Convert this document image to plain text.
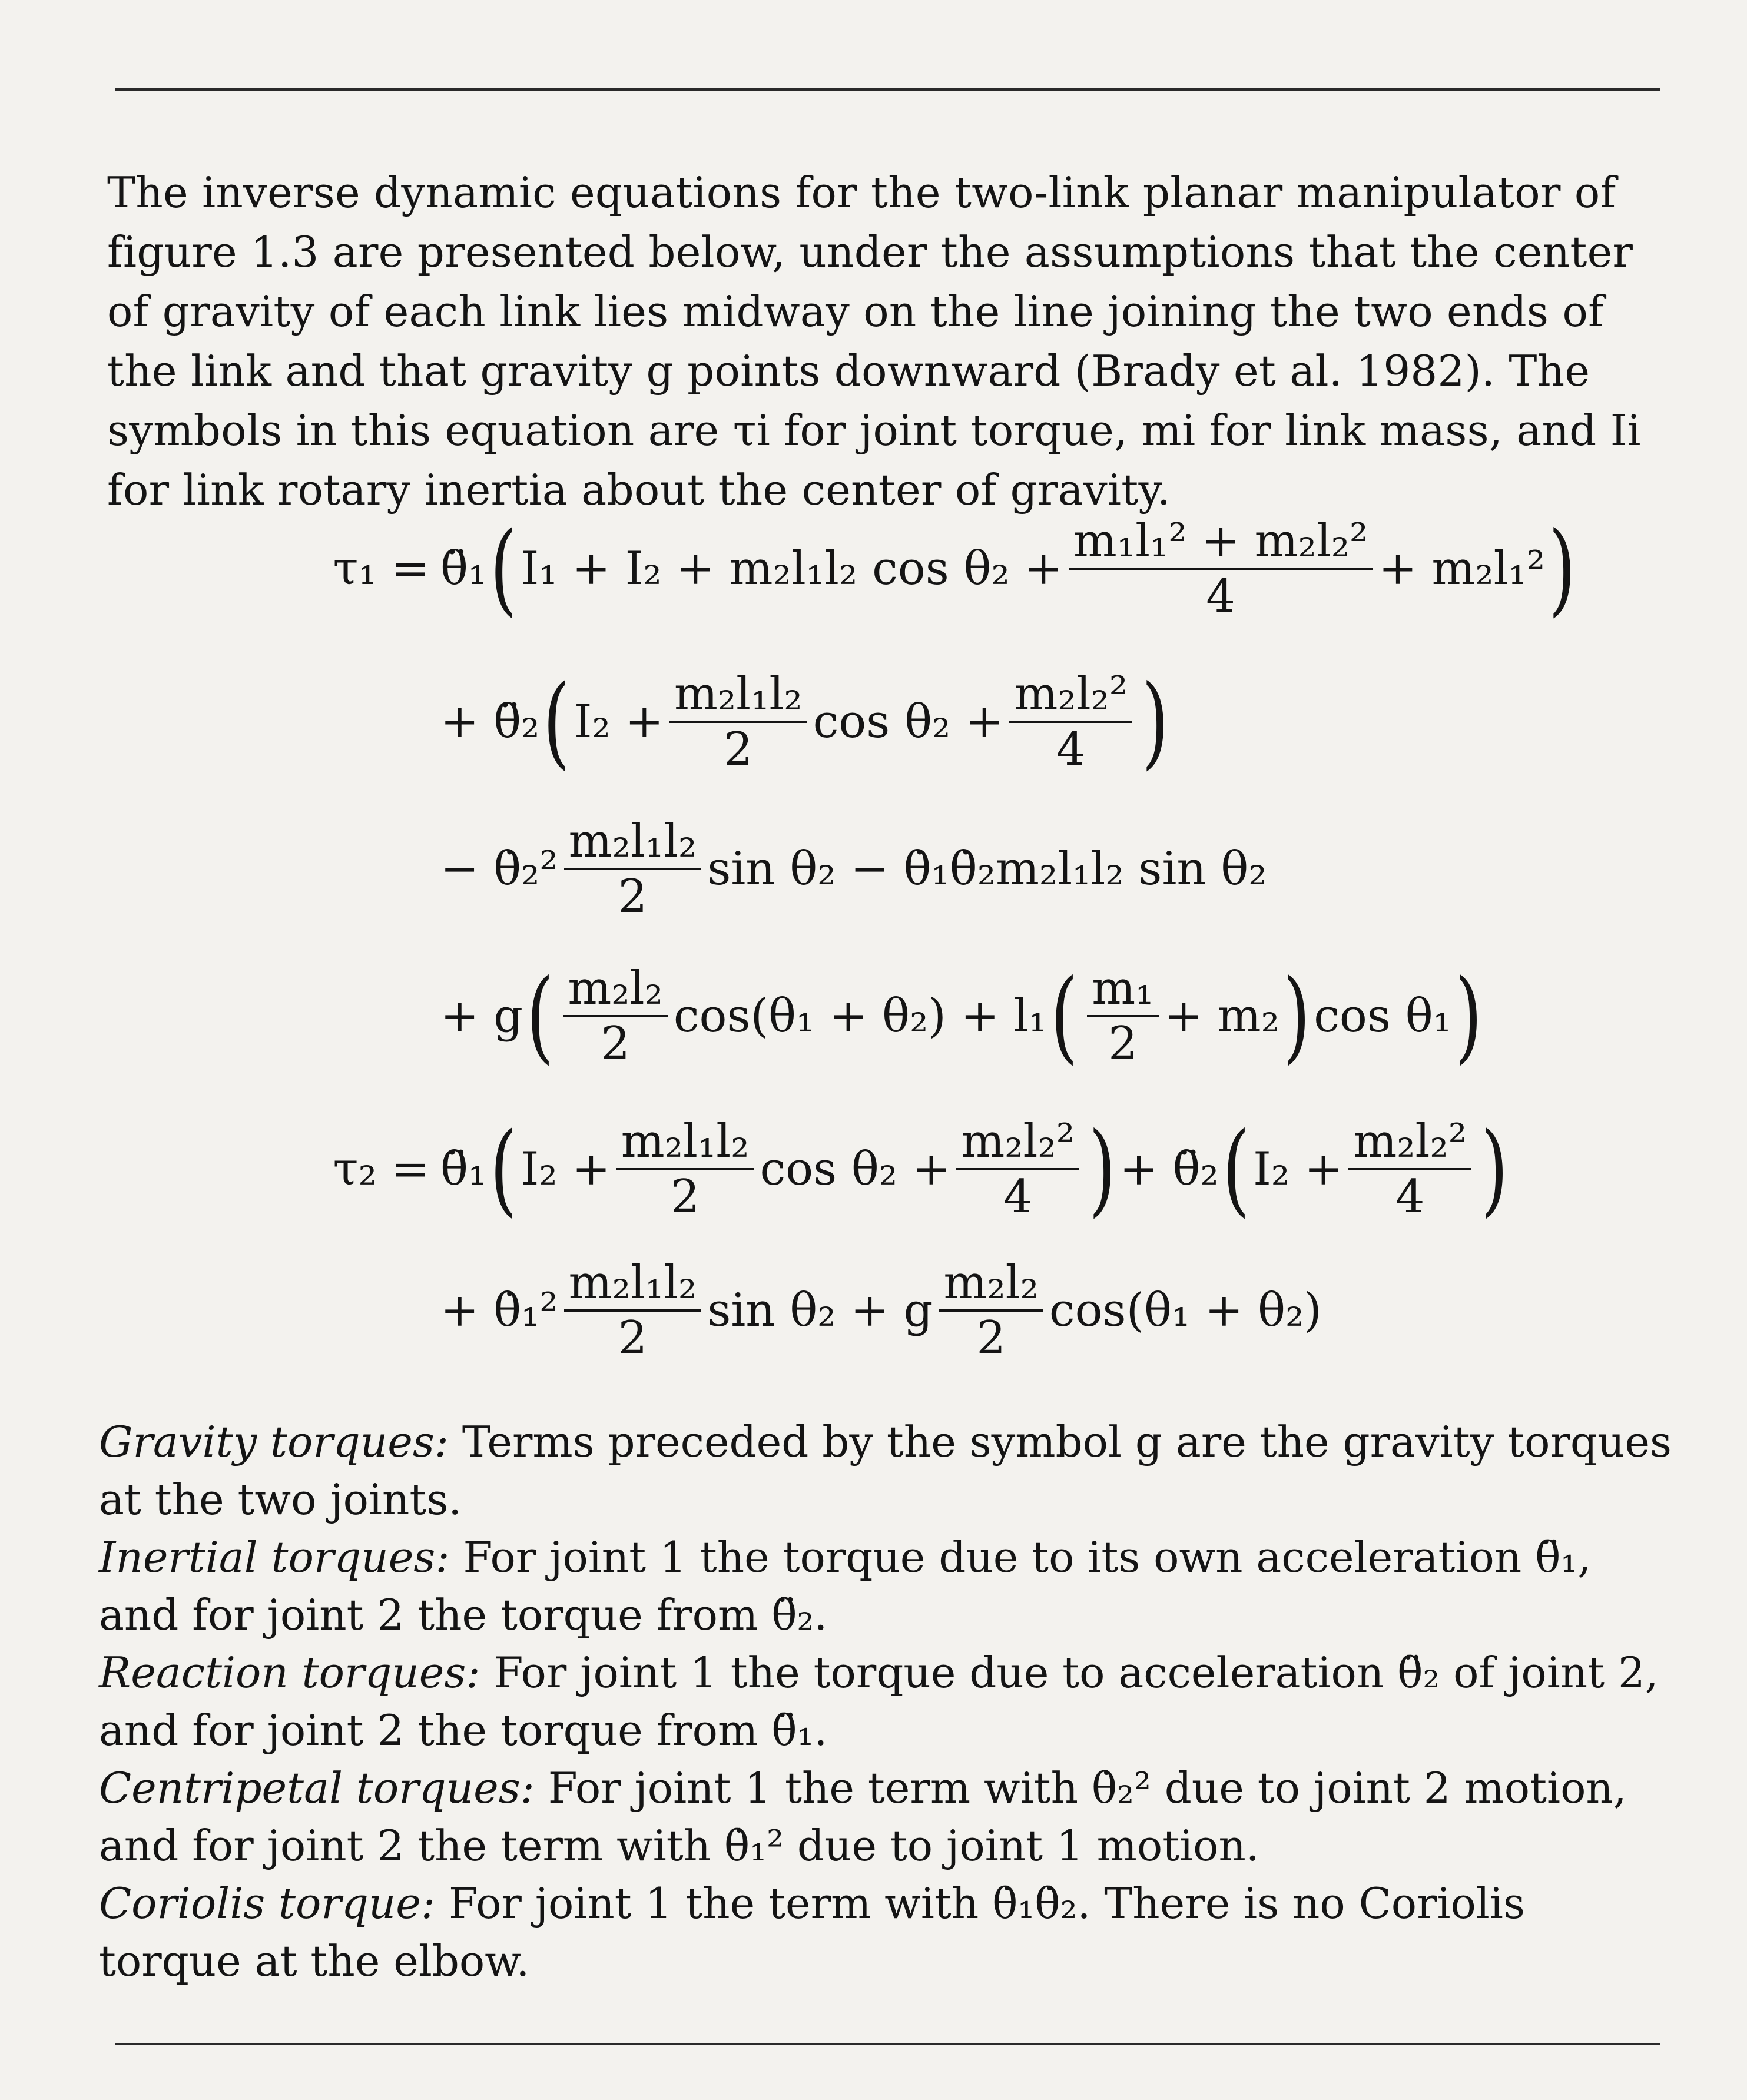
The inverse dynamic equations for the two-link planar manipulator of figure 1.3 are presented below, under the assumptions that the center of gravity of each link lies midway on the line joining the two ends of the link and that gravity g points downward (Brady et al. 1982). The symbols in this equation are τi for joint torque, mi for link mass, and Ii for link rotary inertia about the center of gravity.

τ₁ = θ̈₁ ( I₁ + I₂ + m₂l₁l₂ $\cos \theta_2 + \frac{\text{m₁l₁² + m₂l₂²}}{4} + m_2l_1^2$ )
+ θ̈₂ ( $I_2 + \frac{\text{m₂l₁l₂}}{2}$ $\cos \theta_2 + \frac{\text{m₂l₂²}}{4}$ )
− θ̇₂² $\frac{\text{m₂l₁l₂}}{2}$ sin θ₂ − θ̇₁θ̇₂m₂l₁l₂ sin θ₂
+ g ( $\frac{\text{m₂l₂}}{2} \cos(\theta_1 + \theta_2) + l_1$ ( $\frac{\text{m₁}}{2} + m_2$ ) cos θ₁ )
τ₂ = θ̈₁ ( $I_2 + \frac{\text{m₂l₁l₂}}{2}$ $\cos \theta_2 + \frac{\text{m₂l₂²}}{4}$ ) + θ̈₂ ( $I_2 + \frac{\text{m₂l₂²}}{4}$ )
+ θ̇₁² $\frac{\text{m₂l₁l₂}}{2}$ sin θ₂ + g $\frac{\text{m₂l₂}}{2} \cos(\theta_1 + \theta_2)$

Gravity torques: Terms preceded by the symbol g are the gravity torques at the two joints.

Inertial torques: For joint 1 the torque due to its own acceleration θ̈₁, and for joint 2 the torque from θ̈₂.

Reaction torques: For joint 1 the torque due to acceleration θ̈₂ of joint 2, and for joint 2 the torque from θ̈₁.

Centripetal torques: For joint 1 the term with θ̇₂² due to joint 2 motion, and for joint 2 the term with θ̇₁² due to joint 1 motion.

Coriolis torque: For joint 1 the term with θ̇₁θ̇₂. There is no Coriolis torque at the elbow.
